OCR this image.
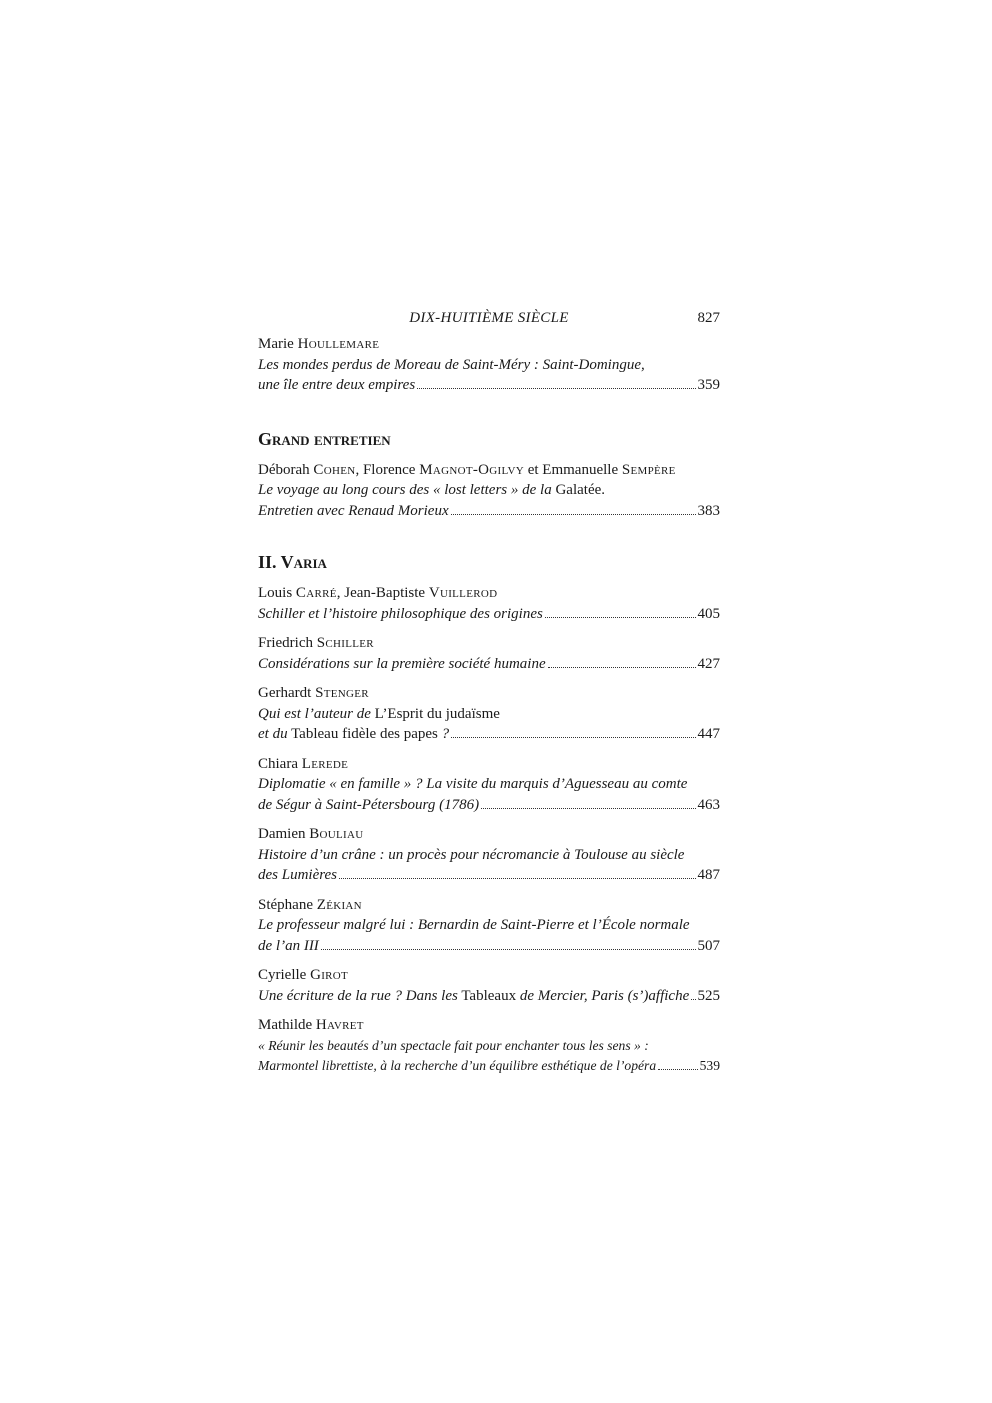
DIX-HUITIÈME SIÈCLE	827
Marie Houllemare
Les mondes perdus de Moreau de Saint-Méry : Saint-Domingue,
une île entre deux empires	359
Grand entretien
Déborah Cohen, Florence Magnot-Ogilvy et Emmanuelle Sempère
Le voyage au long cours des « lost letters » de la Galatée.
Entretien avec Renaud Morieux	383
II. Varia
Louis Carré, Jean-Baptiste Vuillerod
Schiller et l’histoire philosophique des origines	405
Friedrich Schiller
Considérations sur la première société humaine	427
Gerhardt Stenger
Qui est l’auteur de L’Esprit du judaïsme
et du Tableau fidèle des papes ?	447
Chiara Lerede
Diplomatie « en famille » ? La visite du marquis d’Aguesseau au comte
de Ségur à Saint-Pétersbourg (1786)	463
Damien Bouliau
Histoire d’un crâne : un procès pour nécromancie à Toulouse au siècle
des Lumières	487
Stéphane Zékian
Le professeur malgré lui : Bernardin de Saint-Pierre et l’École normale
de l’an III	507
Cyrielle Girot
Une écriture de la rue ? Dans les Tableaux de Mercier, Paris (s’)affiche 525
Mathilde Havret
« Réunir les beautés d’un spectacle fait pour enchanter tous les sens » :
Marmontel librettiste, à la recherche d’un équilibre esthétique de l’opéra	539
